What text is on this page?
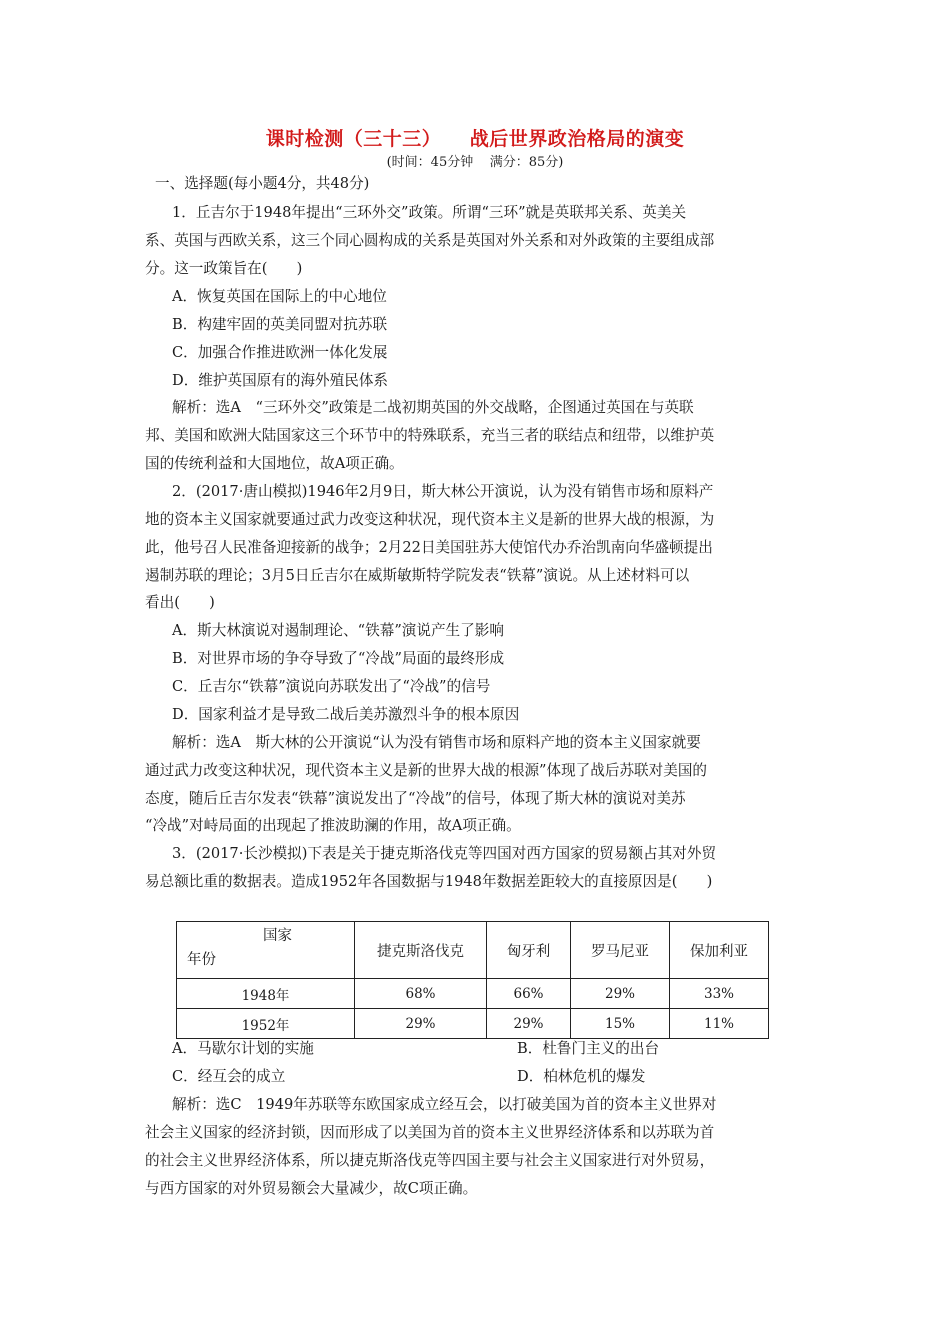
课时检测（三十三）    战后世界政治格局的演变
(时间：45分钟    满分：85分)
一、选择题(每小题4分，共48分)
1．丘吉尔于1948年提出“三环外交”政策。所谓“三环”就是英联邦关系、英美关
系、英国与西欧关系，这三个同心圆构成的关系是英国对外关系和对外政策的主要组成部
分。这一政策旨在(　　)
A．恢复英国在国际上的中心地位
B．构建牢固的英美同盟对抗苏联
C．加强合作推进欧洲一体化发展
D．维护英国原有的海外殖民体系
解析：选A　“三环外交”政策是二战初期英国的外交战略，企图通过英国在与英联
邦、美国和欧洲大陆国家这三个环节中的特殊联系，充当三者的联结点和纽带，以维护英
国的传统利益和大国地位，故A项正确。
2．(2017·唐山模拟)1946年2月9日，斯大林公开演说，认为没有销售市场和原料产
地的资本主义国家就要通过武力改变这种状况，现代资本主义是新的世界大战的根源，为
此，他号召人民准备迎接新的战争；2月22日美国驻苏大使馆代办乔治凯南向华盛顿提出
遏制苏联的理论；3月5日丘吉尔在威斯敏斯特学院发表“铁幕”演说。从上述材料可以
看出(　　)
A．斯大林演说对遏制理论、“铁幕”演说产生了影响
B．对世界市场的争夺导致了“冷战”局面的最终形成
C．丘吉尔“铁幕”演说向苏联发出了“冷战”的信号
D．国家利益才是导致二战后美苏激烈斗争的根本原因
解析：选A　斯大林的公开演说“认为没有销售市场和原料产地的资本主义国家就要
通过武力改变这种状况，现代资本主义是新的世界大战的根源”体现了战后苏联对美国的
态度，随后丘吉尔发表“铁幕”演说发出了“冷战”的信号，体现了斯大林的演说对美苏
“冷战”对峙局面的出现起了推波助澜的作用，故A项正确。
3．(2017·长沙模拟)下表是关于捷克斯洛伐克等四国对西方国家的贸易额占其对外贸
易总额比重的数据表。造成1952年各国数据与1948年数据差距较大的直接原因是(　　)
国家
年份	捷克斯洛伐克	匈牙利	罗马尼亚	保加利亚
1948年	68%	66%	29%	33%
1952年	29%	29%	15%	11%
A．马歇尔计划的实施	B．杜鲁门主义的出台
C．经互会的成立	D．柏林危机的爆发
解析：选C　1949年苏联等东欧国家成立经互会，以打破美国为首的资本主义世界对
社会主义国家的经济封锁，因而形成了以美国为首的资本主义世界经济体系和以苏联为首
的社会主义世界经济体系，所以捷克斯洛伐克等四国主要与社会主义国家进行对外贸易，
与西方国家的对外贸易额会大量减少，故C项正确。
